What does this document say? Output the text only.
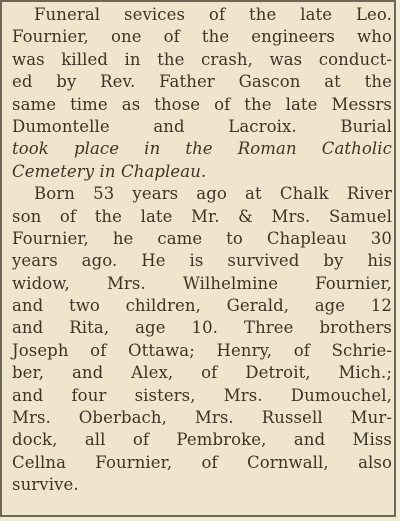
Funeral sevices of the late Leo.
Fournier, one of the engineers who
was killed in the crash, was conduct-
ed by Rev. Father Gascon at the
same time as those of the late Messrs
Dumontelle and Lacroix. Burial
took place in the Roman Catholic
Cemetery in Chapleau.
Born 53 years ago at Chalk River
son of the late Mr. & Mrs. Samuel
Fournier, he came to Chapleau 30
years ago. He is survived by his
widow, Mrs. Wilhelmine Fournier,
and two children, Gerald, age 12
and Rita, age 10. Three brothers
Joseph of Ottawa; Henry, of Schrie-
ber, and Alex, of Detroit, Mich.;
and four sisters, Mrs. Dumouchel,
Mrs. Oberbach, Mrs. Russell Mur-
dock, all of Pembroke, and Miss
Cellna Fournier, of Cornwall, also
survive.
